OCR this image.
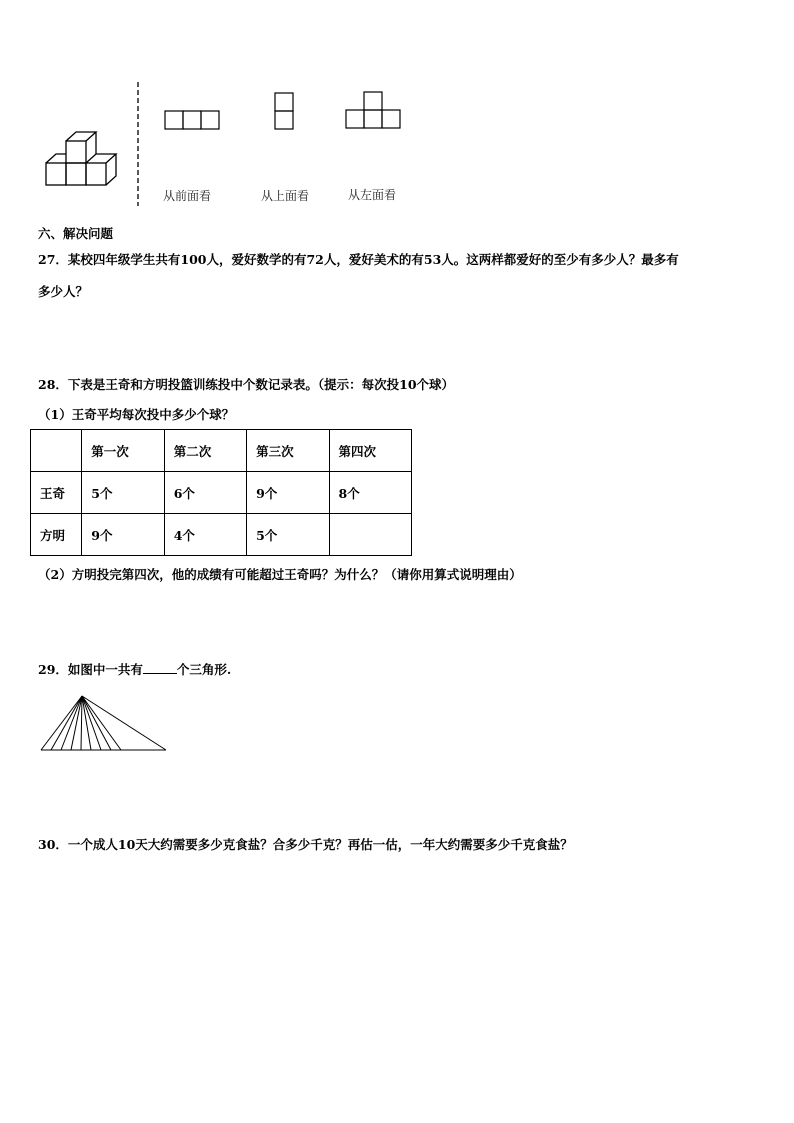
从前面看	从上面看	从左面看
六、解决问题
27．某校四年级学生共有100人，爱好数学的有72人，爱好美术的有53人。这两样都爱好的至少有多少人？最多有
多少人？
28．下表是王奇和方明投篮训练投中个数记录表。（提示：每次投10个球）
（1）王奇平均每次投中多少个球？
	第一次	第二次	第三次	第四次
王奇	5个	6个	9个	8个
方明	9个	4个	5个	
（2）方明投完第四次，他的成绩有可能超过王奇吗？为什么？（请你用算式说明理由）
29．如图中一共有	个三角形.
30．一个成人10天大约需要多少克食盐？合多少千克？再估一估，一年大约需要多少千克食盐？
